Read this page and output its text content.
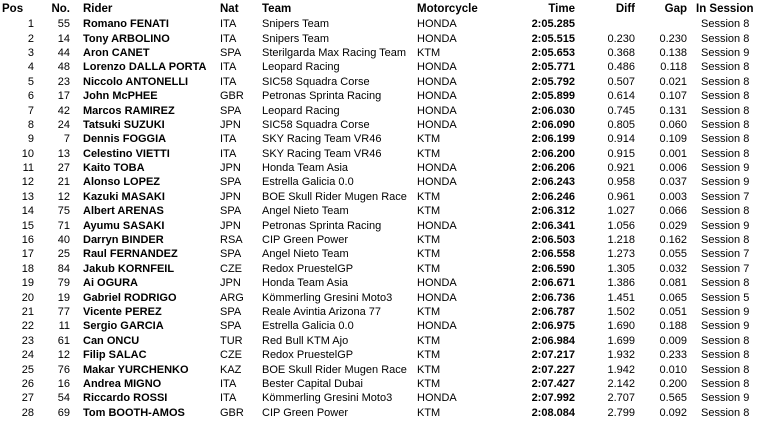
Pos	No.	Rider	Nat	Team	Motorcycle	Time	Diff	Gap	In Session
1	55	Romano FENATI	ITA	Snipers Team	HONDA	2:05.285			Session 8
2	14	Tony ARBOLINO	ITA	Snipers Team	HONDA	2:05.515	0.230	0.230	Session 8
3	44	Aron CANET	SPA	Sterilgarda Max Racing Team	KTM	2:05.653	0.368	0.138	Session 9
4	48	Lorenzo DALLA PORTA	ITA	Leopard Racing	HONDA	2:05.771	0.486	0.118	Session 8
5	23	Niccolo ANTONELLI	ITA	SIC58 Squadra Corse	HONDA	2:05.792	0.507	0.021	Session 8
6	17	John McPHEE	GBR	Petronas Sprinta Racing	HONDA	2:05.899	0.614	0.107	Session 8
7	42	Marcos RAMIREZ	SPA	Leopard Racing	HONDA	2:06.030	0.745	0.131	Session 8
8	24	Tatsuki SUZUKI	JPN	SIC58 Squadra Corse	HONDA	2:06.090	0.805	0.060	Session 8
9	7	Dennis FOGGIA	ITA	SKY Racing Team VR46	KTM	2:06.199	0.914	0.109	Session 8
10	13	Celestino VIETTI	ITA	SKY Racing Team VR46	KTM	2:06.200	0.915	0.001	Session 8
11	27	Kaito TOBA	JPN	Honda Team Asia	HONDA	2:06.206	0.921	0.006	Session 9
12	21	Alonso LOPEZ	SPA	Estrella Galicia 0.0	HONDA	2:06.243	0.958	0.037	Session 9
13	12	Kazuki MASAKI	JPN	BOE Skull Rider Mugen Race	KTM	2:06.246	0.961	0.003	Session 7
14	75	Albert ARENAS	SPA	Angel Nieto Team	KTM	2:06.312	1.027	0.066	Session 8
15	71	Ayumu SASAKI	JPN	Petronas Sprinta Racing	HONDA	2:06.341	1.056	0.029	Session 9
16	40	Darryn BINDER	RSA	CIP Green Power	KTM	2:06.503	1.218	0.162	Session 8
17	25	Raul FERNANDEZ	SPA	Angel Nieto Team	KTM	2:06.558	1.273	0.055	Session 7
18	84	Jakub KORNFEIL	CZE	Redox PruestelGP	KTM	2:06.590	1.305	0.032	Session 7
19	79	Ai OGURA	JPN	Honda Team Asia	HONDA	2:06.671	1.386	0.081	Session 8
20	19	Gabriel RODRIGO	ARG	Kömmerling Gresini Moto3	HONDA	2:06.736	1.451	0.065	Session 5
21	77	Vicente PEREZ	SPA	Reale Avintia Arizona 77	KTM	2:06.787	1.502	0.051	Session 9
22	11	Sergio GARCIA	SPA	Estrella Galicia 0.0	HONDA	2:06.975	1.690	0.188	Session 9
23	61	Can ONCU	TUR	Red Bull KTM Ajo	KTM	2:06.984	1.699	0.009	Session 8
24	12	Filip SALAC	CZE	Redox PruestelGP	KTM	2:07.217	1.932	0.233	Session 8
25	76	Makar YURCHENKO	KAZ	BOE Skull Rider Mugen Race	KTM	2:07.227	1.942	0.010	Session 8
26	16	Andrea MIGNO	ITA	Bester Capital Dubai	KTM	2:07.427	2.142	0.200	Session 8
27	54	Riccardo ROSSI	ITA	Kömmerling Gresini Moto3	HONDA	2:07.992	2.707	0.565	Session 9
28	69	Tom BOOTH-AMOS	GBR	CIP Green Power	KTM	2:08.084	2.799	0.092	Session 8
